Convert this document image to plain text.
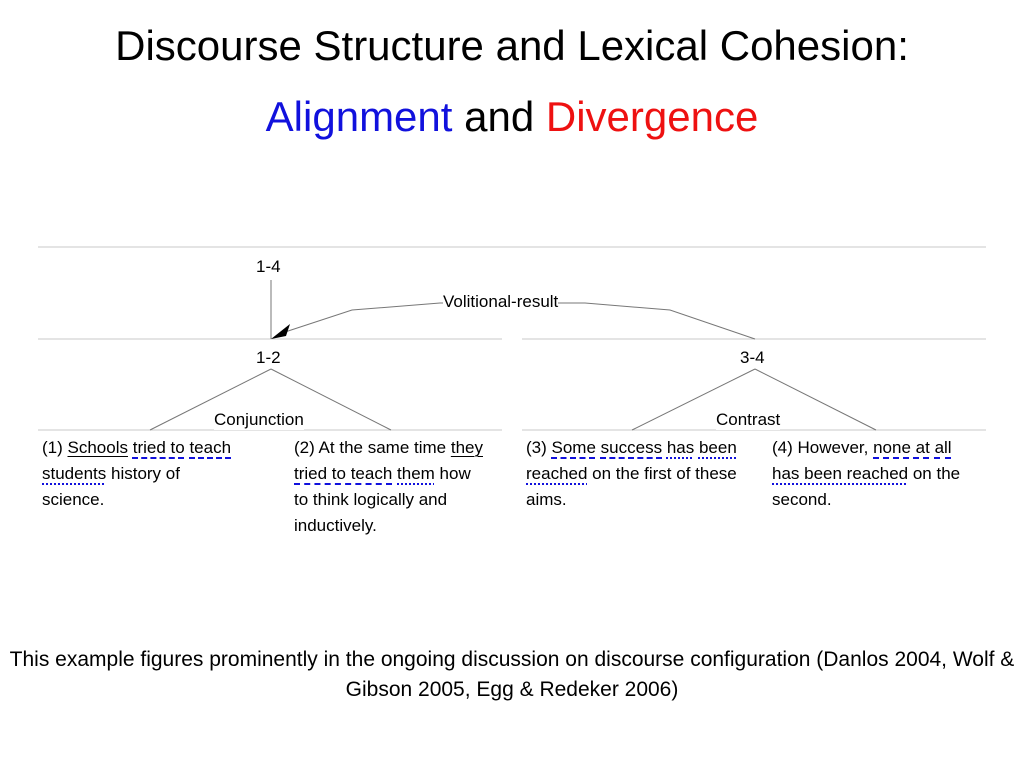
Discourse Structure and Lexical Cohesion:
Alignment and Divergence
1-4
Volitional-result
1-2	3-4
Conjunction	Contrast
(1) Schools tried to teach students history of science.
(2) At the same time they tried to teach them how to think logically and inductively.
(3) Some success has been reached on the first of these aims.
(4) However, none at all has been reached on the second.
This example figures prominently in the ongoing discussion on discourse configuration (Danlos 2004, Wolf & Gibson 2005, Egg & Redeker 2006)
